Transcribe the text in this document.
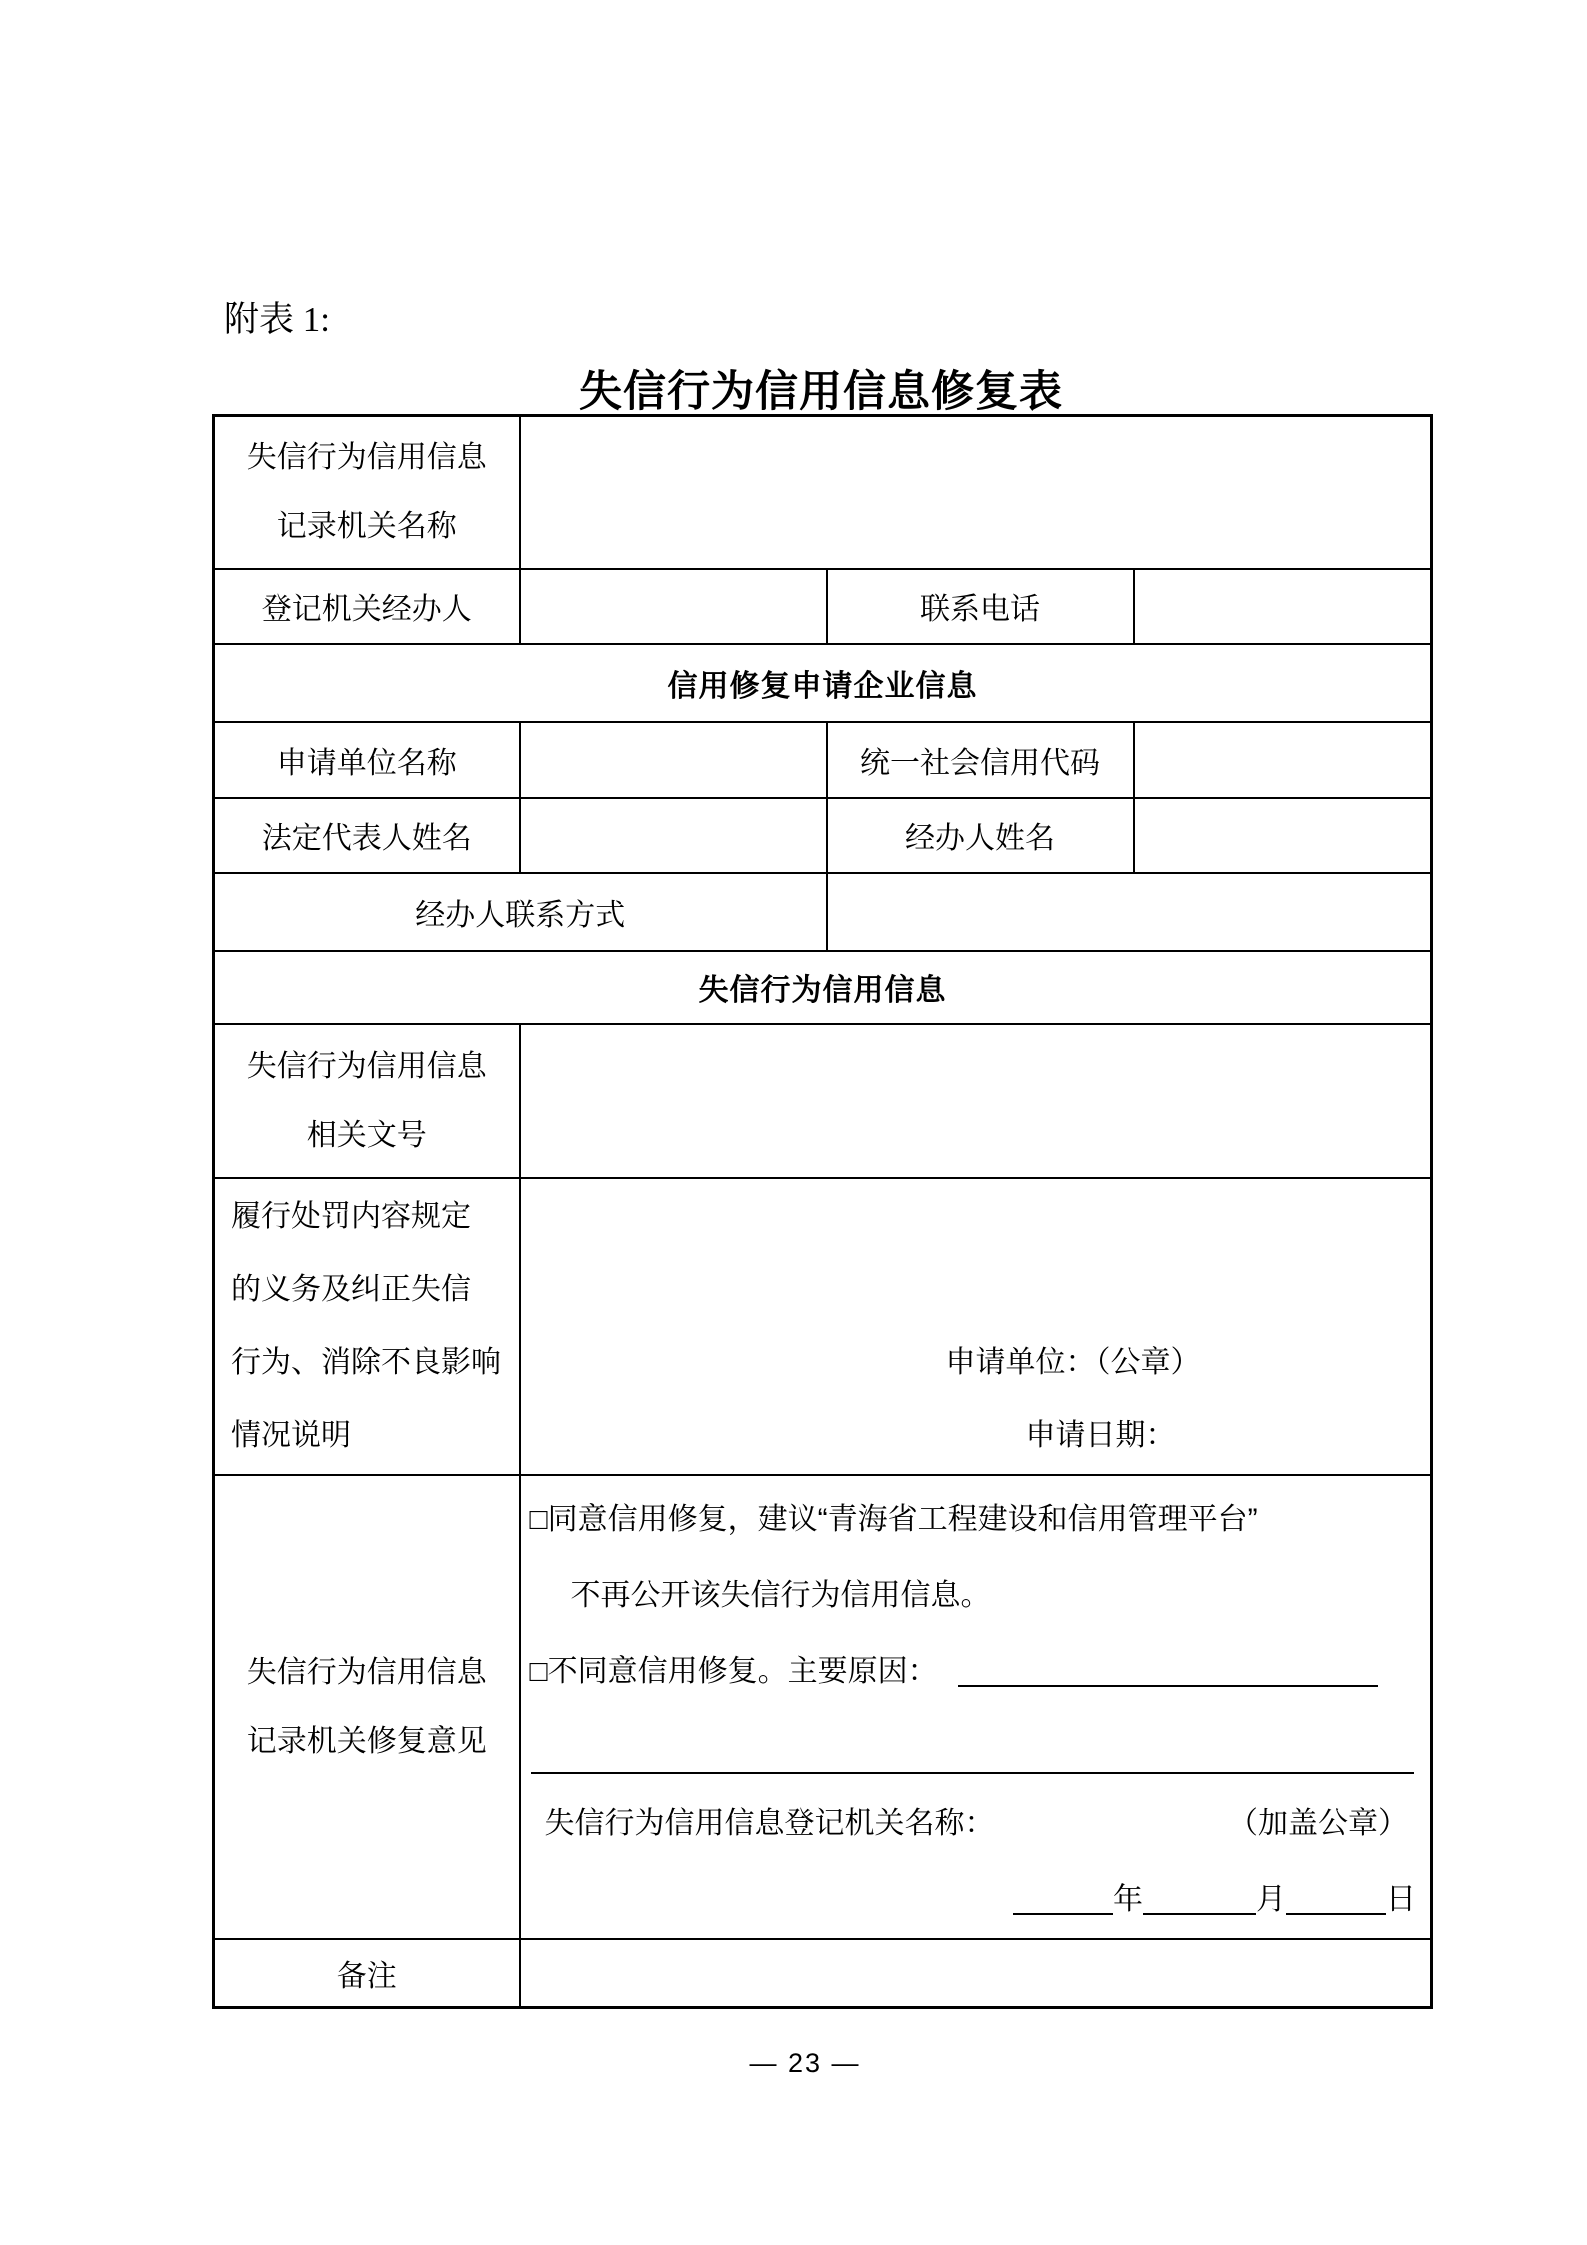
附表 1:
失信行为信用信息修复表
失信行为信用信息
记录机关名称			

登记机关经办人		联系电话	
信用修复申请企业信息			
申请单位名称		统一社会信用代码	
法定代表人姓名		经办人姓名	
经办人联系方式			
失信行为信用信息			

失信行为信用信息
相关文号			

履行处罚内容规定
的义务及纠正失信
行为、消除不良影响
情况说明

申请单位：（公章）
申请日期：

失信行为信用信息
记录机关修复意见

□同意信用修复，建议“青海省工程建设和信用管理平台”
不再公开该失信行为信用信息。
□不同意信用修复。主要原因：
失信行为信用信息登记机关名称：	（加盖公章）
年	月	日

备注			
— 23 —
